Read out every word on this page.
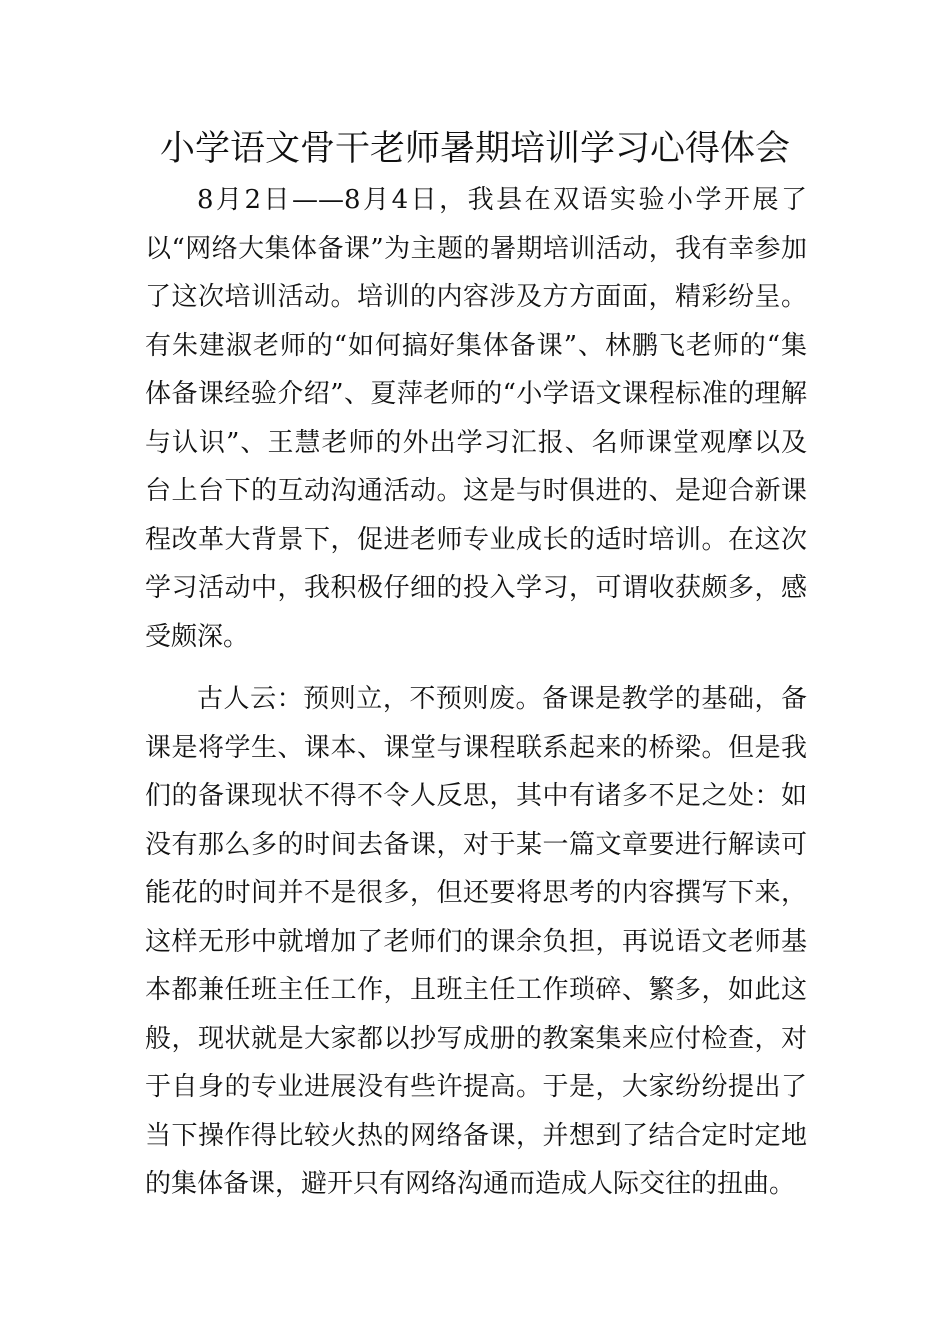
小学语文骨干老师暑期培训学习心得体会

8月2日——8月4日，我县在双语实验小学开展了以“网络大集体备课”为主题的暑期培训活动，我有幸参加了这次培训活动。培训的内容涉及方方面面，精彩纷呈。有朱建淑老师的“如何搞好集体备课”、林鹏飞老师的“集体备课经验介绍”、夏萍老师的“小学语文课程标准的理解与认识”、王慧老师的外出学习汇报、名师课堂观摩以及台上台下的互动沟通活动。这是与时俱进的、是迎合新课程改革大背景下，促进老师专业成长的适时培训。在这次学习活动中，我积极仔细的投入学习，可谓收获颇多，感受颇深。

古人云：预则立，不预则废。备课是教学的基础，备课是将学生、课本、课堂与课程联系起来的桥梁。但是我们的备课现状不得不令人反思，其中有诸多不足之处：如没有那么多的时间去备课，对于某一篇文章要进行解读可能花的时间并不是很多，但还要将思考的内容撰写下来，这样无形中就增加了老师们的课余负担，再说语文老师基本都兼任班主任工作，且班主任工作琐碎、繁多，如此这般，现状就是大家都以抄写成册的教案集来应付检查，对于自身的专业进展没有些许提高。于是，大家纷纷提出了当下操作得比较火热的网络备课，并想到了结合定时定地的集体备课，避开只有网络沟通而造成人际交往的扭曲。
